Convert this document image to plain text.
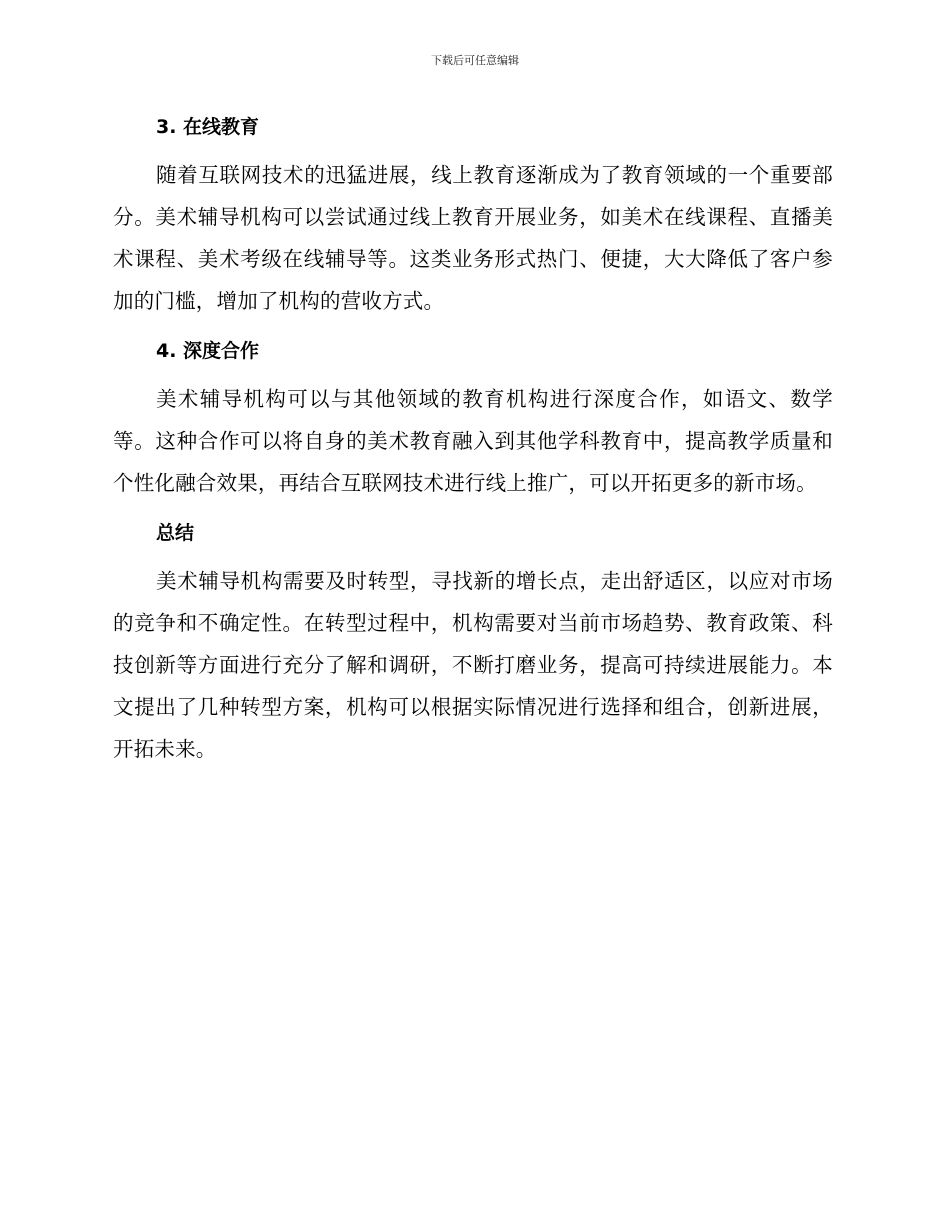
下载后可任意编辑
3. 在线教育

随着互联网技术的迅猛进展，线上教育逐渐成为了教育领域的一个重要部分。美术辅导机构可以尝试通过线上教育开展业务，如美术在线课程、直播美术课程、美术考级在线辅导等。这类业务形式热门、便捷，大大降低了客户参加的门槛，增加了机构的营收方式。

4. 深度合作

美术辅导机构可以与其他领域的教育机构进行深度合作，如语文、数学等。这种合作可以将自身的美术教育融入到其他学科教育中，提高教学质量和个性化融合效果，再结合互联网技术进行线上推广，可以开拓更多的新市场。

总结

美术辅导机构需要及时转型，寻找新的增长点，走出舒适区，以应对市场的竞争和不确定性。在转型过程中，机构需要对当前市场趋势、教育政策、科技创新等方面进行充分了解和调研，不断打磨业务，提高可持续进展能力。本文提出了几种转型方案，机构可以根据实际情况进行选择和组合，创新进展，开拓未来。
